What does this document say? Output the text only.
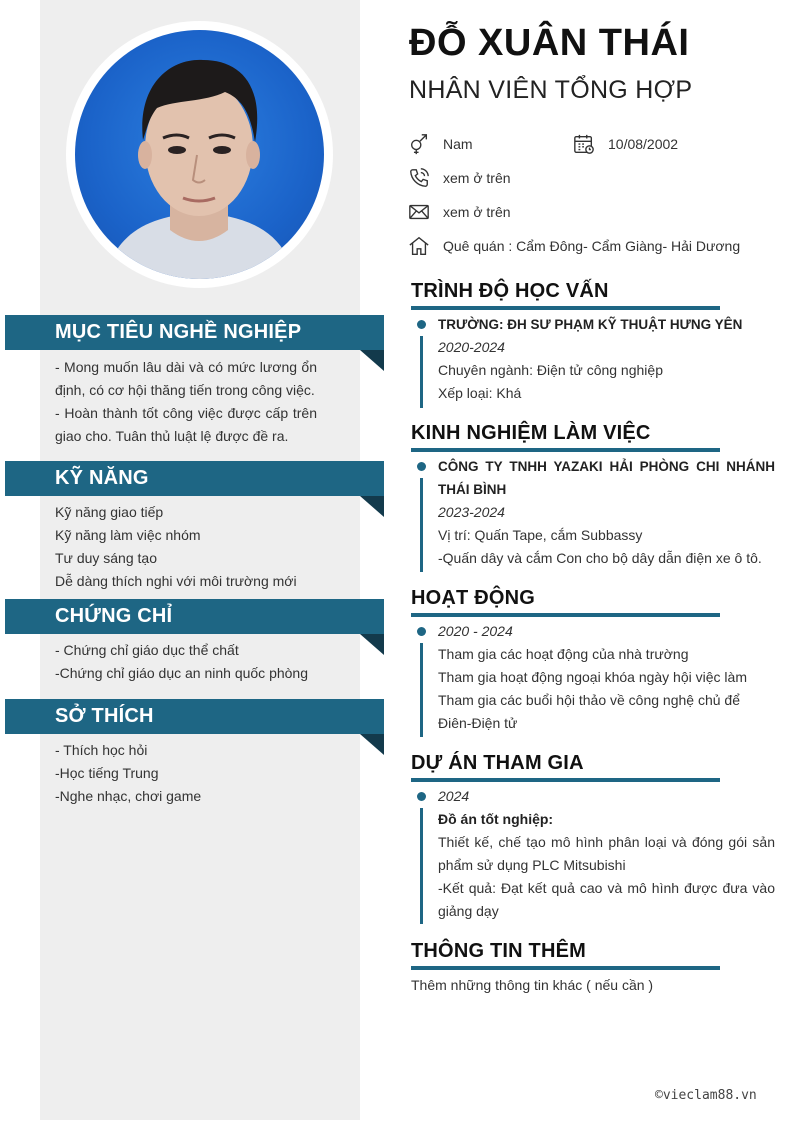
MỤC TIÊU NGHỀ NGHIỆP

- Mong muốn lâu dài và có mức lương ổn định, có cơ hội thăng tiến trong công việc.

- Hoàn thành tốt công việc được cấp trên giao cho. Tuân thủ luật lệ được đề ra.

KỸ NĂNG

Kỹ năng giao tiếp

Kỹ năng làm việc nhóm

Tư duy sáng tạo

Dễ dàng thích nghi với môi trường mới

CHỨNG CHỈ

- Chứng chỉ giáo dục thể chất

-Chứng chỉ giáo dục an ninh quốc phòng

SỞ THÍCH

- Thích học hỏi

-Học tiếng Trung

-Nghe nhạc, chơi game

ĐỖ XUÂN THÁI
NHÂN VIÊN TỔNG HỢP
Nam	10/08/2002
xem ở trên
xem ở trên
Quê quán : Cẩm Đông- Cẩm Giàng- Hải Dương
TRÌNH ĐỘ HỌC VẤN

TRƯỜNG: ĐH SƯ PHẠM KỸ THUẬT HƯNG YÊN

2020-2024

Chuyên ngành: Điện tử công nghiệp

Xếp loại: Khá

KINH NGHIỆM LÀM VIỆC

CÔNG TY TNHH YAZAKI HẢI PHÒNG CHI NHÁNH THÁI BÌNH

2023-2024

Vị trí: Quấn Tape, cắm Subbassy

-Quấn dây và cắm Con cho bộ dây dẫn điện xe ô tô.

HOẠT ĐỘNG

2020 - 2024

Tham gia các hoạt động của nhà trường

Tham gia hoạt động ngoại khóa ngày hội việc làm

Tham gia các buổi hội thảo về công nghệ chủ để Điên-Điện tử

DỰ ÁN THAM GIA

2024

Đồ án tốt nghiệp:

Thiết kế, chế tạo mô hình phân loại và đóng gói sản phẩm sử dụng PLC Mitsubishi

-Kết quả: Đạt kết quả cao và mô hình được đưa vào giảng dạy

THÔNG TIN THÊM
Thêm những thông tin khác ( nếu cần )
©vieclam88.vn
